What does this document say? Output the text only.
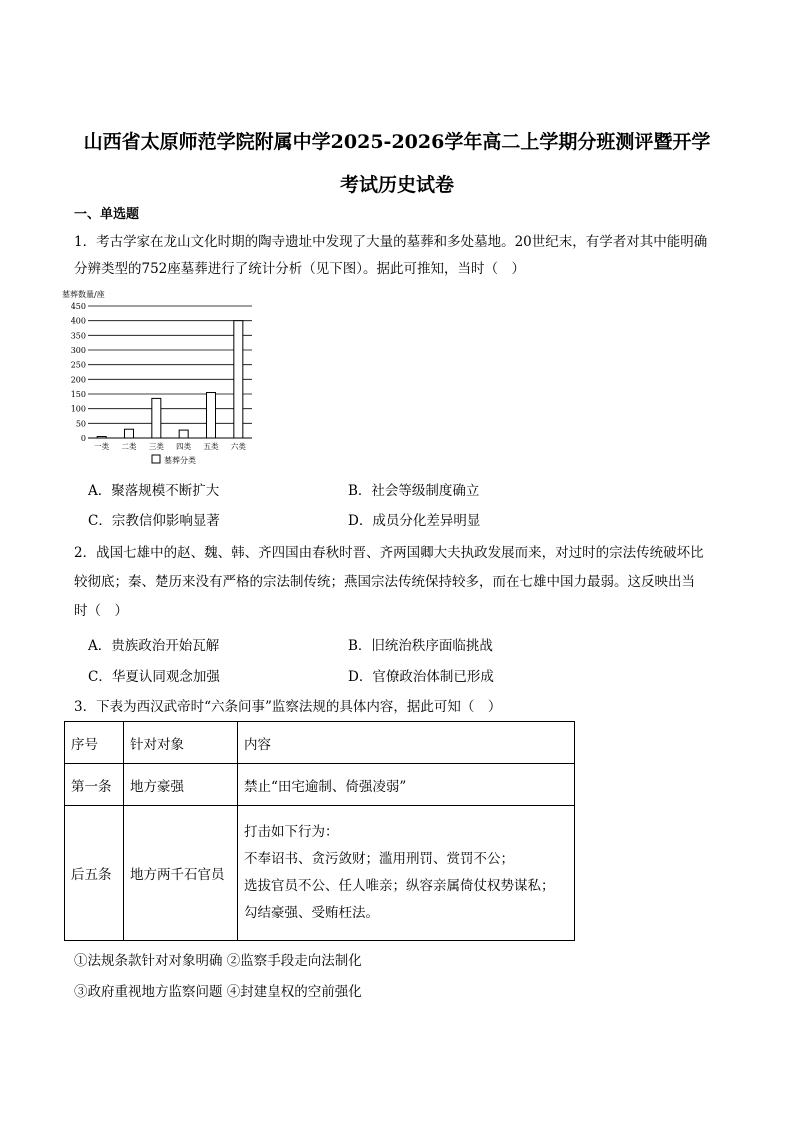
山西省太原师范学院附属中学2025-2026学年高二上学期分班测评暨开学
考试历史试卷
一、单选题
1．考古学家在龙山文化时期的陶寺遗址中发现了大量的墓葬和多处墓地。20世纪末，有学者对其中能明确
分辨类型的752座墓葬进行了统计分析（见下图）。据此可推知，当时（　）
墓葬数量/座
0
50
100
150
200
250
300
350
400
450
一类 二类 三类 四类 五类 六类
墓葬分类
A．聚落规模不断扩大	B．社会等级制度确立
C．宗教信仰影响显著	D．成员分化差异明显
2．战国七雄中的赵、魏、韩、齐四国由春秋时晋、齐两国卿大夫执政发展而来，对过时的宗法传统破坏比
较彻底；秦、楚历来没有严格的宗法制传统；燕国宗法传统保持较多，而在七雄中国力最弱。这反映出当
时（　）
A．贵族政治开始瓦解	B．旧统治秩序面临挑战
C．华夏认同观念加强	D．官僚政治体制已形成
3．下表为西汉武帝时“六条问事”监察法规的具体内容，据此可知（　）
序号	针对对象	内容
第一条	地方豪强	禁止“田宅逾制、倚强凌弱”
后五条	地方两千石官员	打击如下行为：
不奉诏书、贪污敛财；滥用刑罚、赏罚不公；
选拔官员不公、任人唯亲；纵容亲属倚仗权势谋私；
勾结豪强、受贿枉法。
①法规条款针对对象明确 ②监察手段走向法制化
③政府重视地方监察问题 ④封建皇权的空前强化
